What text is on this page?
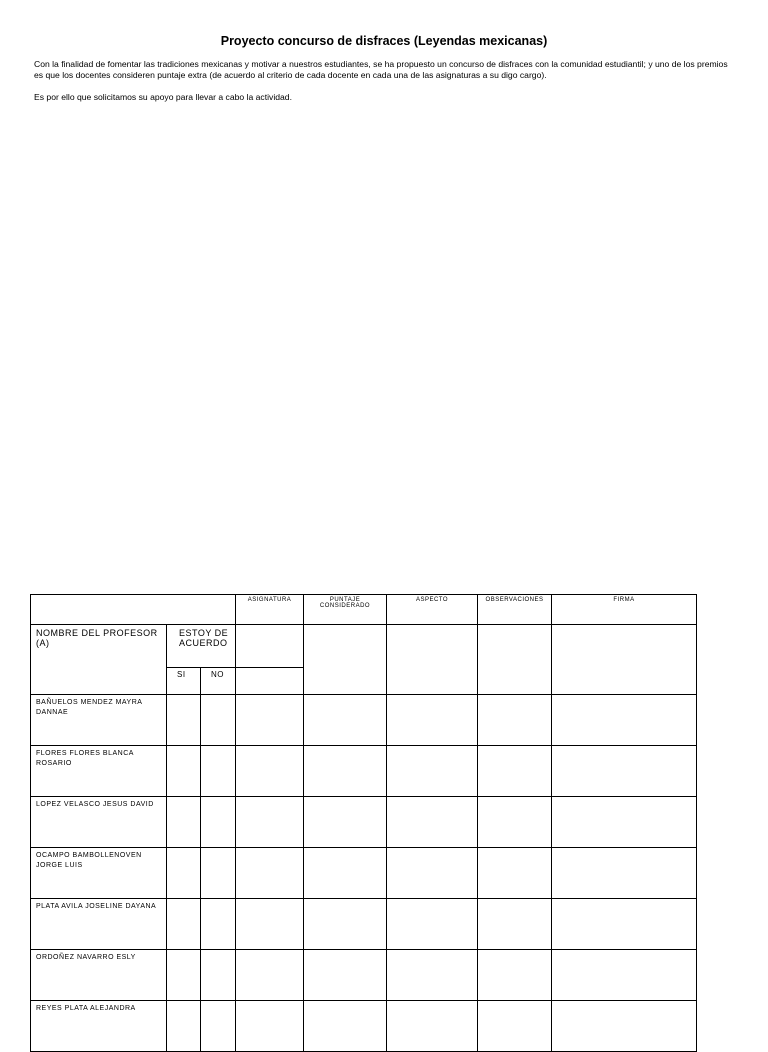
Proyecto concurso de disfraces (Leyendas mexicanas)
Con la finalidad de fomentar las tradiciones mexicanas y motivar a nuestros estudiantes, se ha propuesto un concurso de disfraces con la comunidad estudiantil; y uno de los premios es que los docentes consideren puntaje extra (de acuerdo al criterio de cada docente en cada una de las asignaturas a su digo cargo).
Es por ello que solicitamos su apoyo para llevar a cabo la actividad.
			ASIGNATURA	PUNTAJE CONSIDERADO	ASPECTO	OBSERVACIONES	FIRMA
NOMBRE DEL PROFESOR (A)	ESTOY DE ACUERDO						
	SI	NO					
BAÑUELOS MENDEZ MAYRA DANNAE							
FLORES FLORES BLANCA ROSARIO							
LOPEZ VELASCO JESUS DAVID							
OCAMPO BAMBOLLENOVEN JORGE LUIS							
PLATA AVILA JOSELINE DAYANA							
ORDOÑEZ NAVARRO ESLY							
REYES PLATA ALEJANDRA							
